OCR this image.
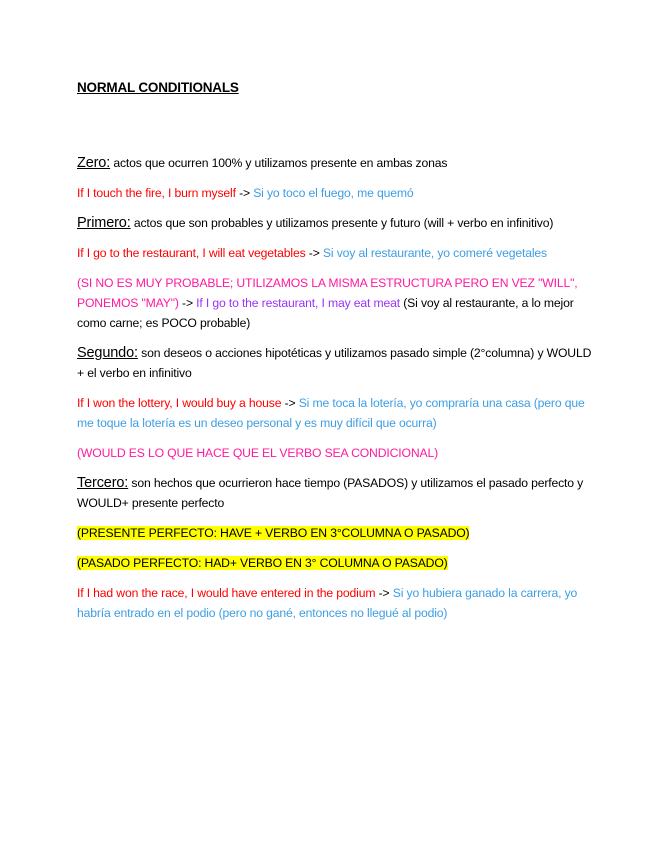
NORMAL CONDITIONALS

Zero: actos que ocurren 100% y utilizamos presente en ambas zonas

If I touch the fire, I burn myself -> Si yo toco el fuego, me quemó

Primero: actos que son probables y utilizamos presente y futuro (will + verbo en infinitivo)

If I go to the restaurant, I will eat vegetables -> Si voy al restaurante, yo comeré vegetales

(SI NO ES MUY PROBABLE; UTILIZAMOS LA MISMA ESTRUCTURA PERO EN VEZ "WILL", PONEMOS "MAY") -> If I go to the restaurant, I may eat meat (Si voy al restaurante, a lo mejor como carne; es POCO probable)

Segundo: son deseos o acciones hipotéticas y utilizamos pasado simple (2°columna) y WOULD + el verbo en infinitivo

If I won the lottery, I would buy a house -> Si me toca la lotería, yo compraría una casa (pero que me toque la lotería es un deseo personal y es muy difícil que ocurra)

(WOULD ES LO QUE HACE QUE EL VERBO SEA CONDICIONAL)

Tercero: son hechos que ocurrieron hace tiempo (PASADOS) y utilizamos el pasado perfecto y WOULD+ presente perfecto

(PRESENTE PERFECTO: HAVE + VERBO EN 3°COLUMNA O PASADO)

(PASADO PERFECTO: HAD+ VERBO EN 3° COLUMNA O PASADO)

If I had won the race, I would have entered in the podium -> Si yo hubiera ganado la carrera, yo habría entrado en el podio (pero no gané, entonces no llegué al podio)
